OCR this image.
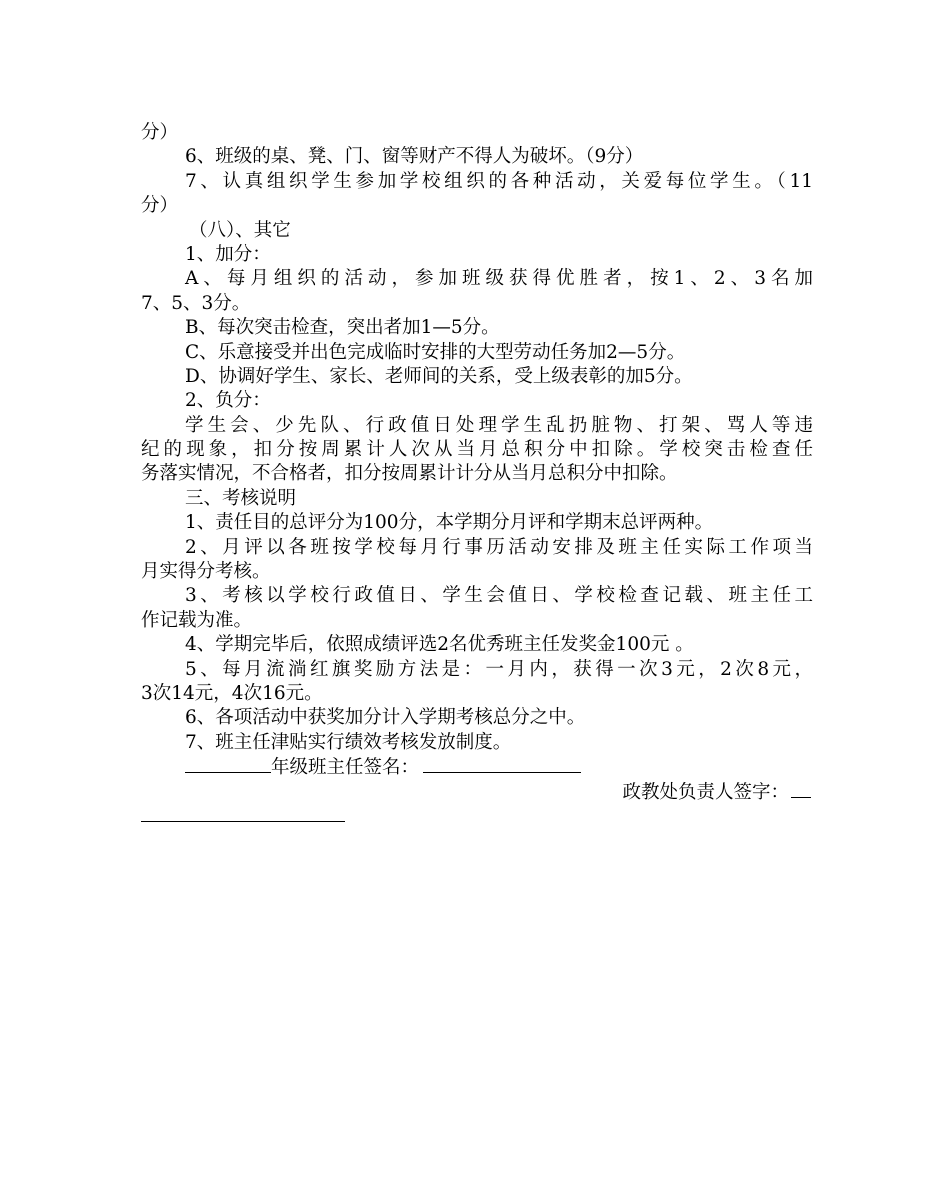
分）
6、班级的桌、凳、门、窗等财产不得人为破坏。（9分）
7、认真组织学生参加学校组织的各种活动，关爱每位学生。（11
分）
（八）、其它
1、加分：
A、每月组织的活动，参加班级获得优胜者，按1、2、3名加
7、5、3分。
B、每次突击检查，突出者加1—5分。
C、乐意接受并出色完成临时安排的大型劳动任务加2—5分。
D、协调好学生、家长、老师间的关系，受上级表彰的加5分。
2、负分：
学生会、少先队、行政值日处理学生乱扔脏物、打架、骂人等违
纪的现象，扣分按周累计人次从当月总积分中扣除。学校突击检查任
务落实情况，不合格者，扣分按周累计计分从当月总积分中扣除。
三、考核说明
1、责任目的总评分为100分，本学期分月评和学期末总评两种。
2、月评以各班按学校每月行事历活动安排及班主任实际工作项当
月实得分考核。
3、考核以学校行政值日、学生会值日、学校检查记载、班主任工
作记载为准。
4、学期完毕后，依照成绩评选2名优秀班主任发奖金100元 。
5、每月流淌红旗奖励方法是：一月内，获得一次3元，2次8元，
3次14元，4次16元。
6、各项活动中获奖加分计入学期考核总分之中。
7、班主任津贴实行绩效考核发放制度。
年级班主任签名：
政教处负责人签字：
